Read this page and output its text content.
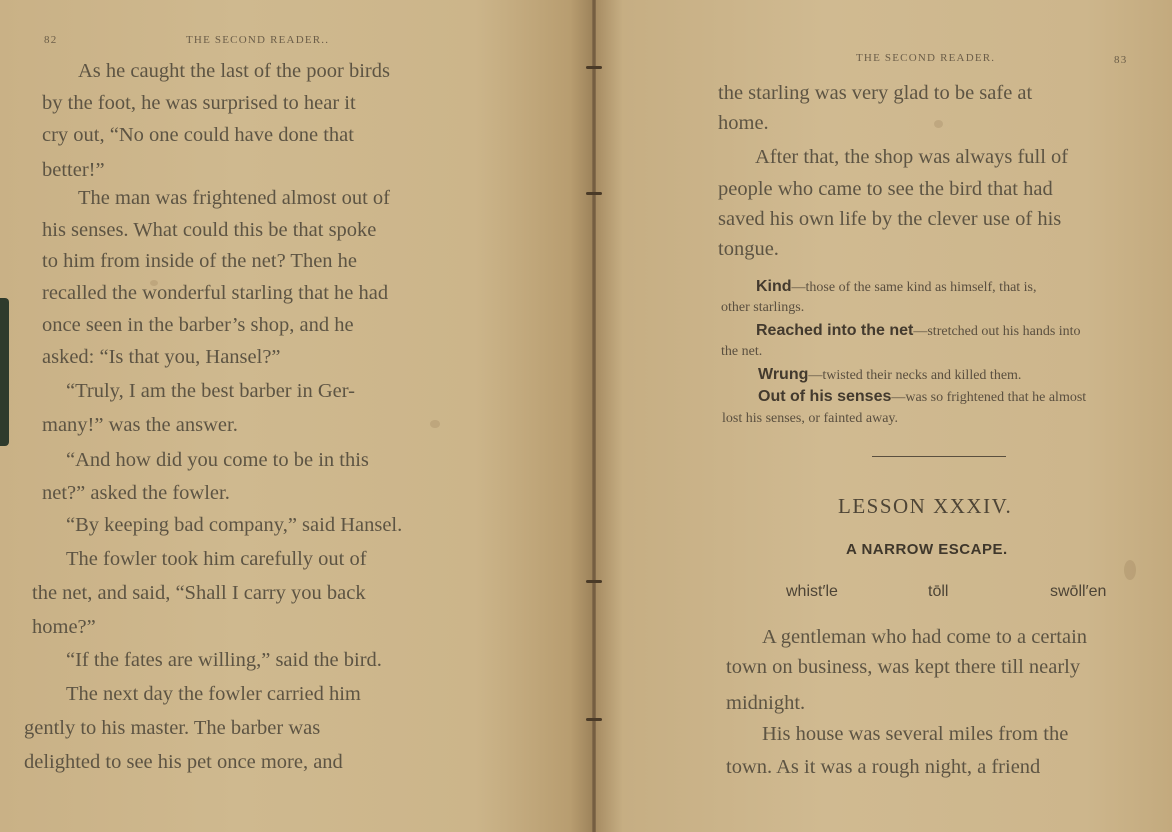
82	THE SECOND READER..
As he caught the last of the poor birds
by the foot, he was surprised to hear it
cry out, “No one could have done that
better!”
The man was frightened almost out of
his senses. What could this be that spoke
to him from inside of the net? Then he
recalled the wonderful starling that he had
once seen in the barber’s shop, and he
asked: “Is that you, Hansel?”
“Truly, I am the best barber in Ger-
many!” was the answer.
“And how did you come to be in this
net?” asked the fowler.
“By keeping bad company,” said Hansel.
The fowler took him carefully out of
the net, and said, “Shall I carry you back
home?”
“If the fates are willing,” said the bird.
The next day the fowler carried him
gently to his master. The barber was
delighted to see his pet once more, and
THE SECOND READER.	83
the starling was very glad to be safe at
home.
After that, the shop was always full of
people who came to see the bird that had
saved his own life by the clever use of his
tongue.
Kind—those of the same kind as himself, that is,
other starlings.
Reached into the net—stretched out his hands into
the net.
Wrung—twisted their necks and killed them.
Out of his senses—was so frightened that he almost
lost his senses, or fainted away.
LESSON XXXIV.
A NARROW ESCAPE.
whist′le	tōll	swōll′en
A gentleman who had come to a certain
town on business, was kept there till nearly
midnight.
His house was several miles from the
town. As it was a rough night, a friend
